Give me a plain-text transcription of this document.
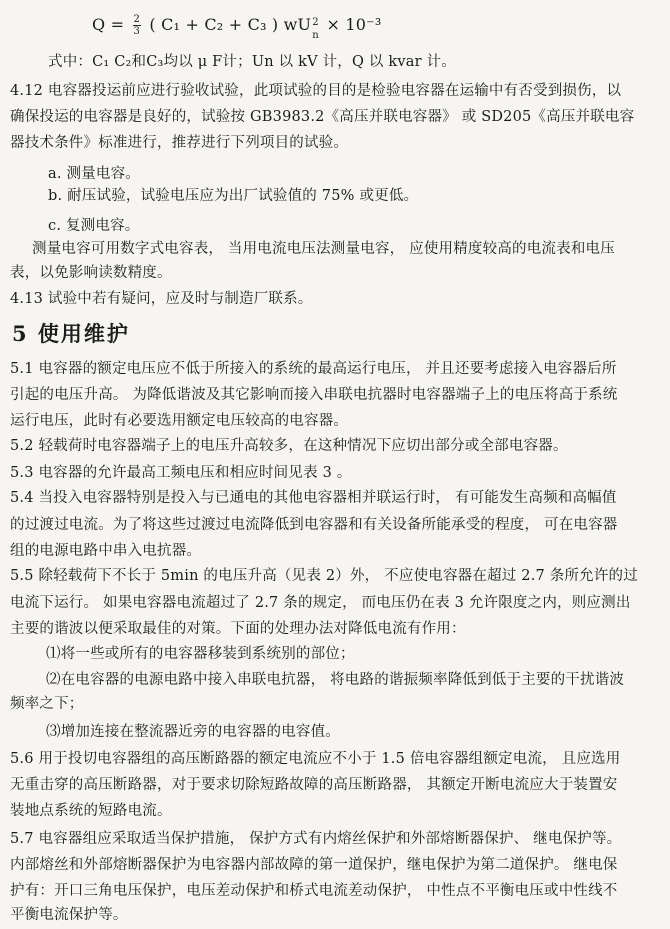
$Q = \frac{2}{3}$ ( C₁ + C₂ + C₃ ) wU 2
n
× 10⁻³
式中：C₁ C₂和C₃均以 μ F计；Un 以 kV 计，Q 以 kvar 计。
4.12 电容器投运前应进行验收试验，此项试验的目的是检验电容器在运输中有否受到损伤，以
确保投运的电容器是良好的，试验按 GB3983.2《高压并联电容器》 或 SD205《高压并联电容
器技术条件》标准进行，推荐进行下列项目的试验。
a. 测量电容。
b. 耐压试验，试验电压应为出厂试验值的 75% 或更低。
c. 复测电容。
测量电容可用数字式电容表， 当用电流电压法测量电容， 应使用精度较高的电流表和电压
表，以免影响读数精度。
4.13 试验中若有疑问，应及时与制造厂联系。
5 使用维护
5.1 电容器的额定电压应不低于所接入的系统的最高运行电压， 并且还要考虑接入电容器后所
引起的电压升高。 为降低谐波及其它影响而接入串联电抗器时电容器端子上的电压将高于系统
运行电压，此时有必要选用额定电压较高的电容器。
5.2 轻载荷时电容器端子上的电压升高较多，在这种情况下应切出部分或全部电容器。
5.3 电容器的允许最高工频电压和相应时间见表 3 。
5.4 当投入电容器特别是投入与已通电的其他电容器相并联运行时， 有可能发生高频和高幅值
的过渡过电流。为了将这些过渡过电流降低到电容器和有关设备所能承受的程度， 可在电容器
组的电源电路中串入电抗器。
5.5 除轻载荷下不长于 5min 的电压升高（见表 2）外， 不应使电容器在超过 2.7 条所允许的过
电流下运行。 如果电容器电流超过了 2.7 条的规定， 而电压仍在表 3 允许限度之内，则应测出
主要的谐波以便采取最佳的对策。下面的处理办法对降低电流有作用：
⑴将一些或所有的电容器移装到系统别的部位；
⑵在电容器的电源电路中接入串联电抗器， 将电路的谐振频率降低到低于主要的干扰谐波
频率之下；
⑶增加连接在整流器近旁的电容器的电容值。
5.6 用于投切电容器组的高压断路器的额定电流应不小于 1.5 倍电容器组额定电流， 且应选用
无重击穿的高压断路器，对于要求切除短路故障的高压断路器， 其额定开断电流应大于装置安
装地点系统的短路电流。
5.7 电容器组应采取适当保护措施， 保护方式有内熔丝保护和外部熔断器保护、 继电保护等。
内部熔丝和外部熔断器保护为电容器内部故障的第一道保护，继电保护为第二道保护。 继电保
护有：开口三角电压保护，电压差动保护和桥式电流差动保护， 中性点不平衡电压或中性线不
平衡电流保护等。
